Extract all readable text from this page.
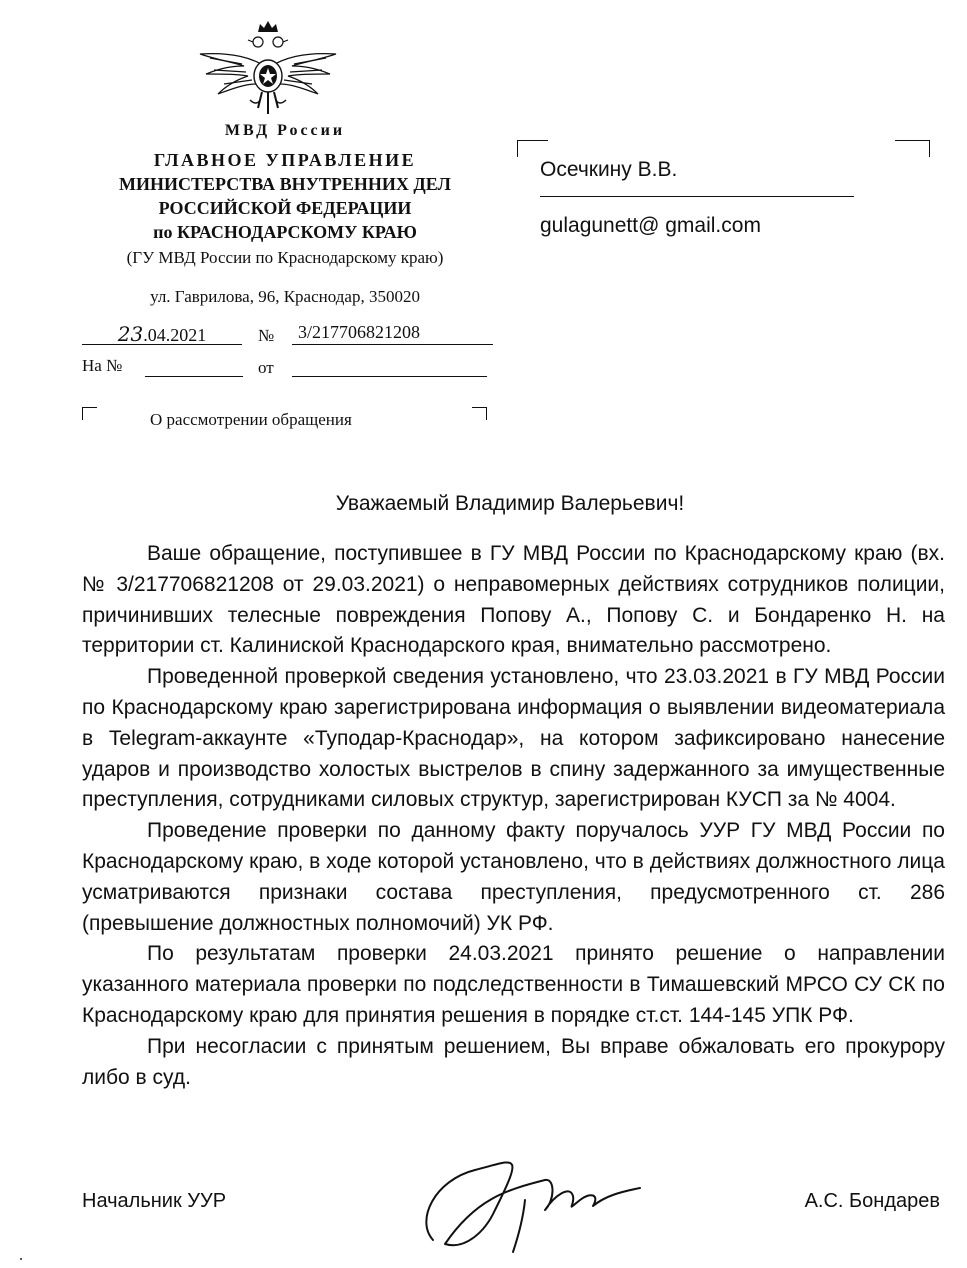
МВД России
ГЛАВНОЕ УПРАВЛЕНИЕ
МИНИСТЕРСТВА ВНУТРЕННИХ ДЕЛ
РОССИЙСКОЙ ФЕДЕРАЦИИ
по КРАСНОДАРСКОМУ КРАЮ
(ГУ МВД России по Краснодарскому краю)
ул. Гаврилова, 96, Краснодар, 350020
23.04.2021	№	3/217706821208
На №	от
О рассмотрении обращения
Осечкину В.В.
gulagunett@ gmail.com
Уважаемый Владимир Валерьевич!

Ваше обращение, поступившее в ГУ МВД России по Краснодарскому краю (вх. № 3/217706821208 от 29.03.2021) о неправомерных действиях сотрудников полиции, причинивших телесные повреждения Попову А., Попову С. и Бондаренко Н. на территории ст. Калиниской Краснодарского края, внимательно рассмотрено.

Проведенной проверкой сведения установлено, что 23.03.2021 в ГУ МВД России по Краснодарскому краю зарегистрирована информация о выявлении видеоматериала в Telegram-аккаунте «Туподар-Краснодар», на котором зафиксировано нанесение ударов и производство холостых выстрелов в спину задержанного за имущественные преступления, сотрудниками силовых структур, зарегистрирован КУСП за № 4004.

Проведение проверки по данному факту поручалось УУР ГУ МВД России по Краснодарскому краю, в ходе которой установлено, что в действиях должностного лица усматриваются признаки состава преступления, предусмотренного ст. 286 (превышение должностных полномочий) УК РФ.

По результатам проверки 24.03.2021 принято решение о направлении указанного материала проверки по подследственности в Тимашевский МРСО СУ СК по Краснодарскому краю для принятия решения в порядке ст.ст. 144-145 УПК РФ.

При несогласии с принятым решением, Вы вправе обжаловать его прокурору либо в суд.

Начальник УУР	А.С. Бондарев
